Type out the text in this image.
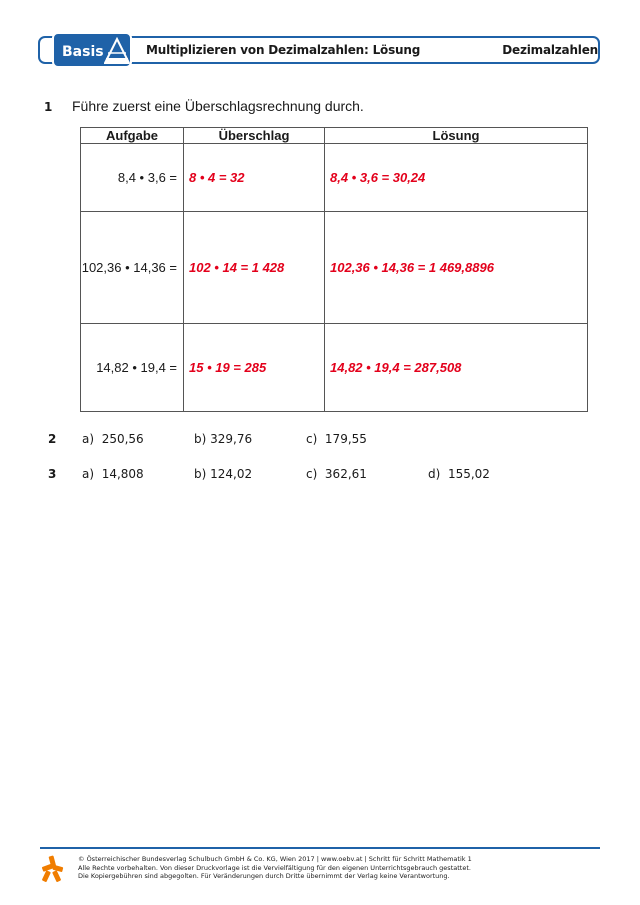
Basis	Multiplizieren von Dezimalzahlen: Lösung	Dezimalzahlen
1 Führe zuerst eine Überschlagsrechnung durch.
Aufgabe	Überschlag	Lösung
8,4 • 3,6 =	8 • 4 = 32	8,4 • 3,6 = 30,24
102,36 • 14,36 =	102 • 14 = 1 428	102,36 • 14,36 = 1 469,8896
14,82 • 19,4 =	15 • 19 = 285	14,82 • 19,4 = 287,508
2 a) 250,56	b) 329,76	c) 179,55
3 a) 14,808	b) 124,02	c) 362,61	d) 155,02
© Österreichischer Bundesverlag Schulbuch GmbH & Co. KG, Wien 2017 | www.oebv.at | Schritt für Schritt Mathematik 1
Alle Rechte vorbehalten. Von dieser Druckvorlage ist die Vervielfältigung für den eigenen Unterrichtsgebrauch gestattet.
Die Kopiergebühren sind abgegolten. Für Veränderungen durch Dritte übernimmt der Verlag keine Verantwortung.
